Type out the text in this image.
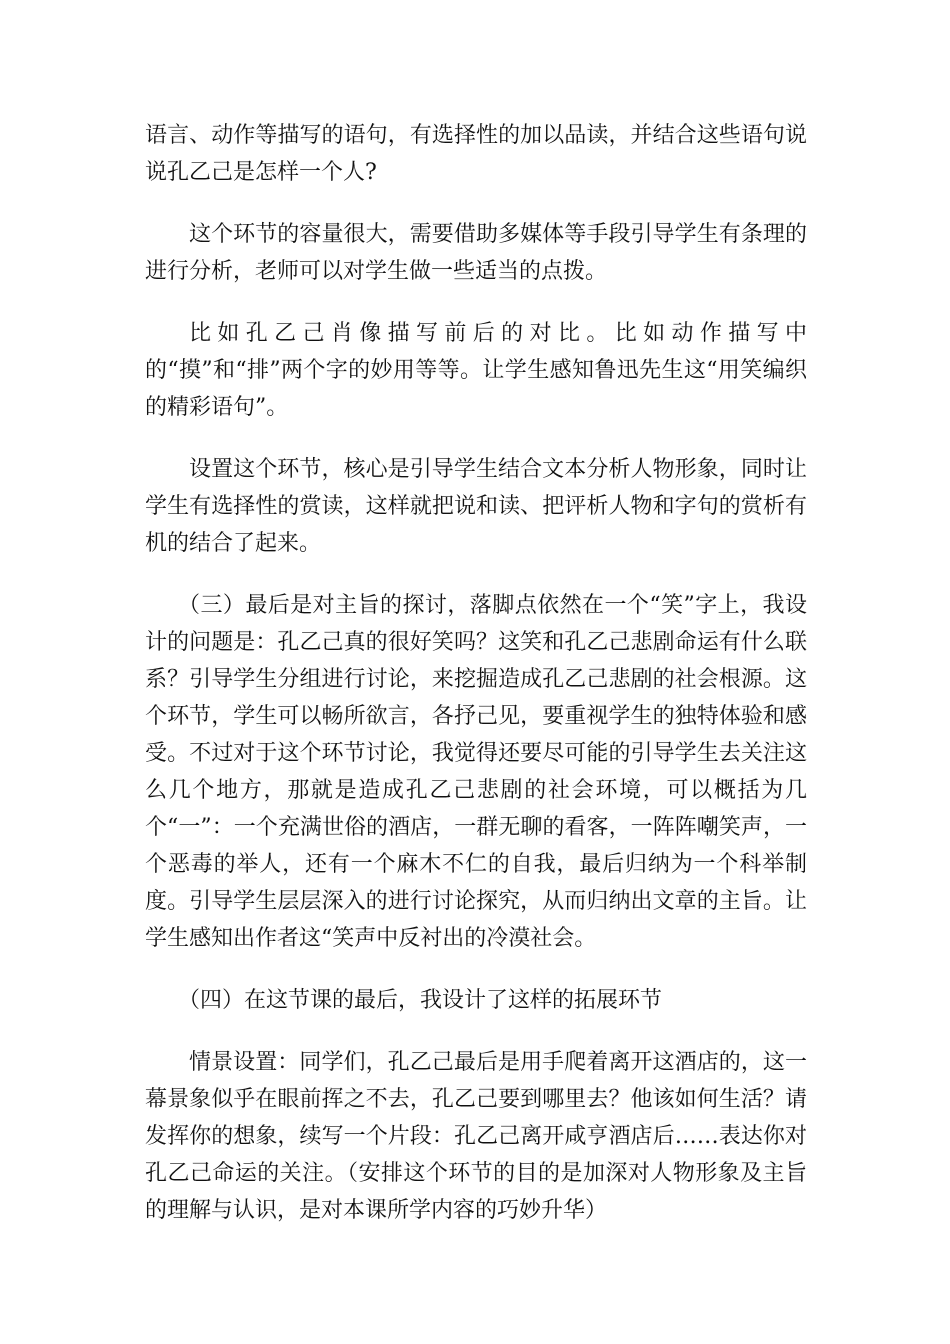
语言、动作等描写的语句，有选择性的加以品读，并结合这些语句说说孔乙己是怎样一个人?

这个环节的容量很大，需要借助多媒体等手段引导学生有条理的进行分析，老师可以对学生做一些适当的点拨。

比如孔乙己肖像描写前后的对比。比如动作描写中的“摸”和“排”两个字的妙用等等。让学生感知鲁迅先生这“用笑编织的精彩语句”。

设置这个环节，核心是引导学生结合文本分析人物形象，同时让学生有选择性的赏读，这样就把说和读、把评析人物和字句的赏析有机的结合了起来。

（三）最后是对主旨的探讨，落脚点依然在一个“笑”字上，我设计的问题是：孔乙己真的很好笑吗？这笑和孔乙己悲剧命运有什么联系？引导学生分组进行讨论，来挖掘造成孔乙己悲剧的社会根源。这个环节，学生可以畅所欲言，各抒己见，要重视学生的独特体验和感受。不过对于这个环节讨论，我觉得还要尽可能的引导学生去关注这么几个地方，那就是造成孔乙己悲剧的社会环境，可以概括为几个“一”：一个充满世俗的酒店，一群无聊的看客，一阵阵嘲笑声，一个恶毒的举人，还有一个麻木不仁的自我，最后归纳为一个科举制度。引导学生层层深入的进行讨论探究，从而归纳出文章的主旨。让学生感知出作者这“笑声中反衬出的冷漠社会。

（四）在这节课的最后，我设计了这样的拓展环节

情景设置：同学们，孔乙己最后是用手爬着离开这酒店的，这一幕景象似乎在眼前挥之不去，孔乙己要到哪里去？他该如何生活？请发挥你的想象，续写一个片段：孔乙己离开咸亨酒店后……表达你对孔乙己命运的关注。（安排这个环节的目的是加深对人物形象及主旨的理解与认识，是对本课所学内容的巧妙升华）
